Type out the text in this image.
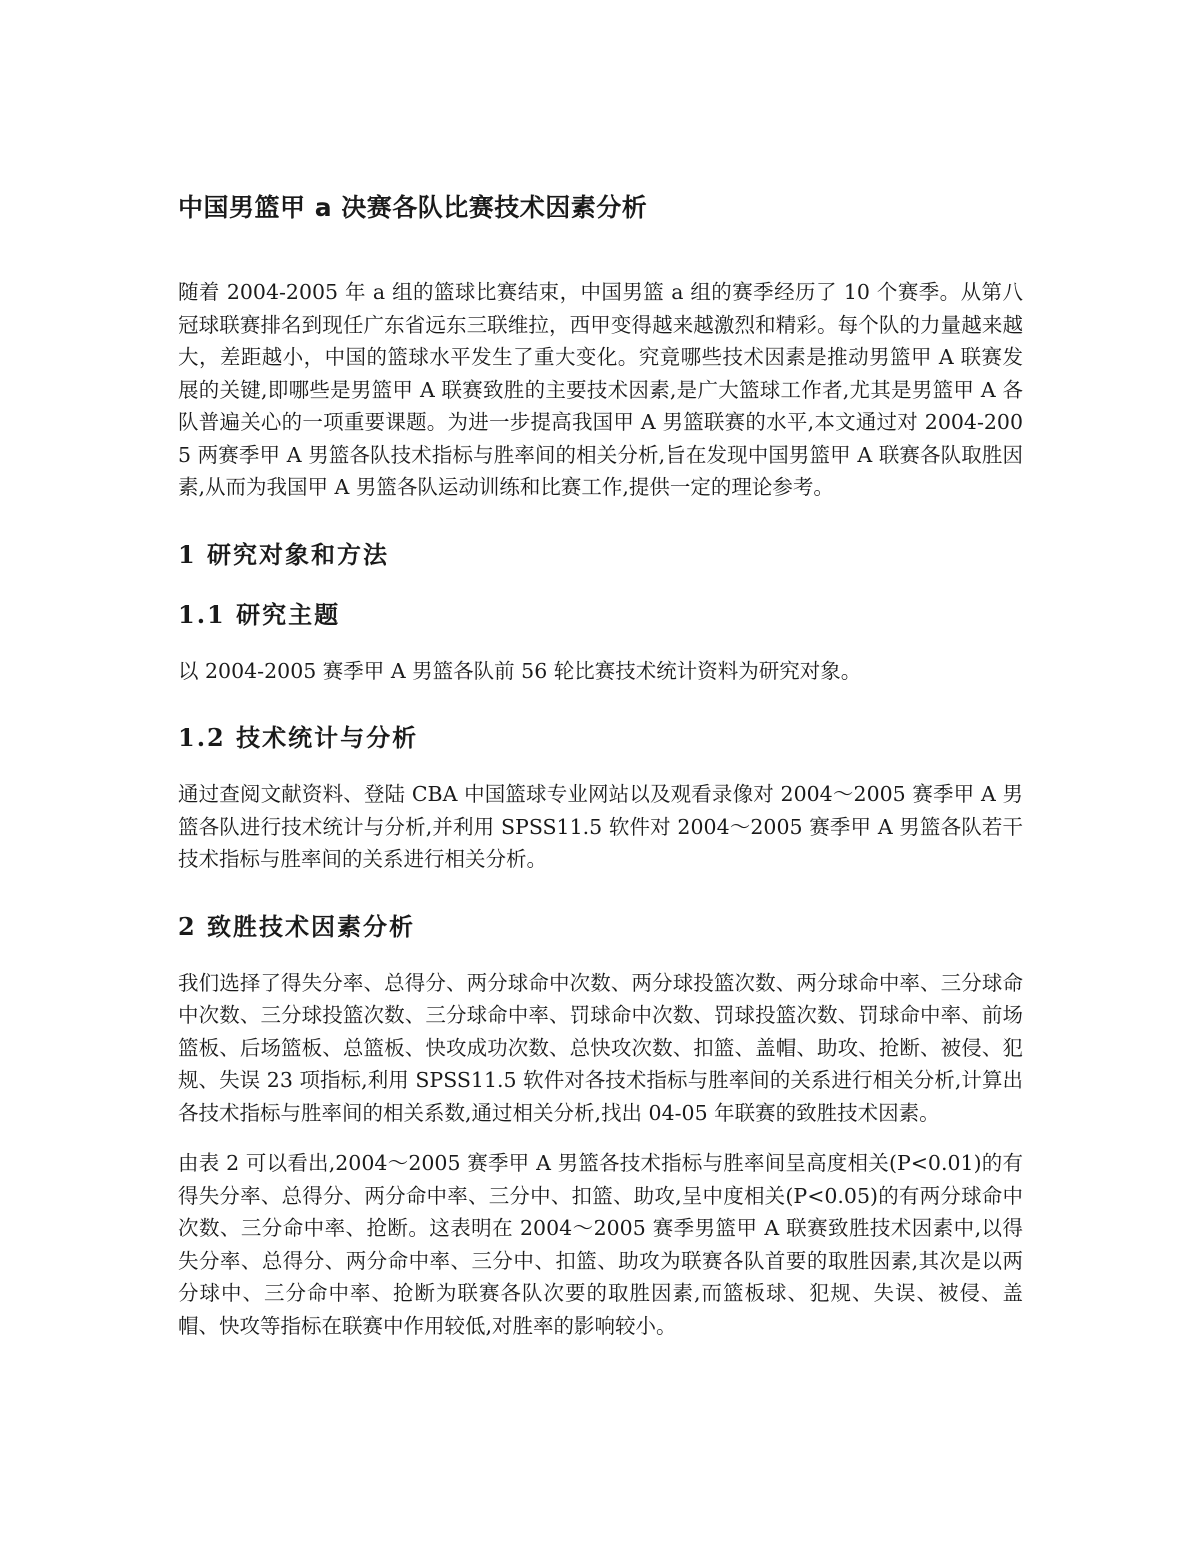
中国男篮甲 a 决赛各队比赛技术因素分析

随着 2004-2005 年 a 组的篮球比赛结束，中国男篮 a 组的赛季经历了 10 个赛季。从第八冠球联赛排名到现任广东省远东三联维拉，西甲变得越来越激烈和精彩。每个队的力量越来越大，差距越小，中国的篮球水平发生了重大变化。究竟哪些技术因素是推动男篮甲 A 联赛发展的关键,即哪些是男篮甲 A 联赛致胜的主要技术因素,是广大篮球工作者,尤其是男篮甲 A 各队普遍关心的一项重要课题。为进一步提高我国甲 A 男篮联赛的水平,本文通过对 2004-2005 两赛季甲 A 男篮各队技术指标与胜率间的相关分析,旨在发现中国男篮甲 A 联赛各队取胜因素,从而为我国甲 A 男篮各队运动训练和比赛工作,提供一定的理论参考。

1 研究对象和方法
1.1 研究主题

以 2004-2005 赛季甲 A 男篮各队前 56 轮比赛技术统计资料为研究对象。

1.2 技术统计与分析

通过查阅文献资料、登陆 CBA 中国篮球专业网站以及观看录像对 2004～2005 赛季甲 A 男篮各队进行技术统计与分析,并利用 SPSS11.5 软件对 2004～2005 赛季甲 A 男篮各队若干技术指标与胜率间的关系进行相关分析。

2 致胜技术因素分析

我们选择了得失分率、总得分、两分球命中次数、两分球投篮次数、两分球命中率、三分球命中次数、三分球投篮次数、三分球命中率、罚球命中次数、罚球投篮次数、罚球命中率、前场篮板、后场篮板、总篮板、快攻成功次数、总快攻次数、扣篮、盖帽、助攻、抢断、被侵、犯规、失误 23 项指标,利用 SPSS11.5 软件对各技术指标与胜率间的关系进行相关分析,计算出各技术指标与胜率间的相关系数,通过相关分析,找出 04-05 年联赛的致胜技术因素。

由表 2 可以看出,2004～2005 赛季甲 A 男篮各技术指标与胜率间呈高度相关(P<0.01)的有得失分率、总得分、两分命中率、三分中、扣篮、助攻,呈中度相关(P<0.05)的有两分球命中次数、三分命中率、抢断。这表明在 2004～2005 赛季男篮甲 A 联赛致胜技术因素中,以得失分率、总得分、两分命中率、三分中、扣篮、助攻为联赛各队首要的取胜因素,其次是以两分球中、三分命中率、抢断为联赛各队次要的取胜因素,而篮板球、犯规、失误、被侵、盖帽、快攻等指标在联赛中作用较低,对胜率的影响较小。
